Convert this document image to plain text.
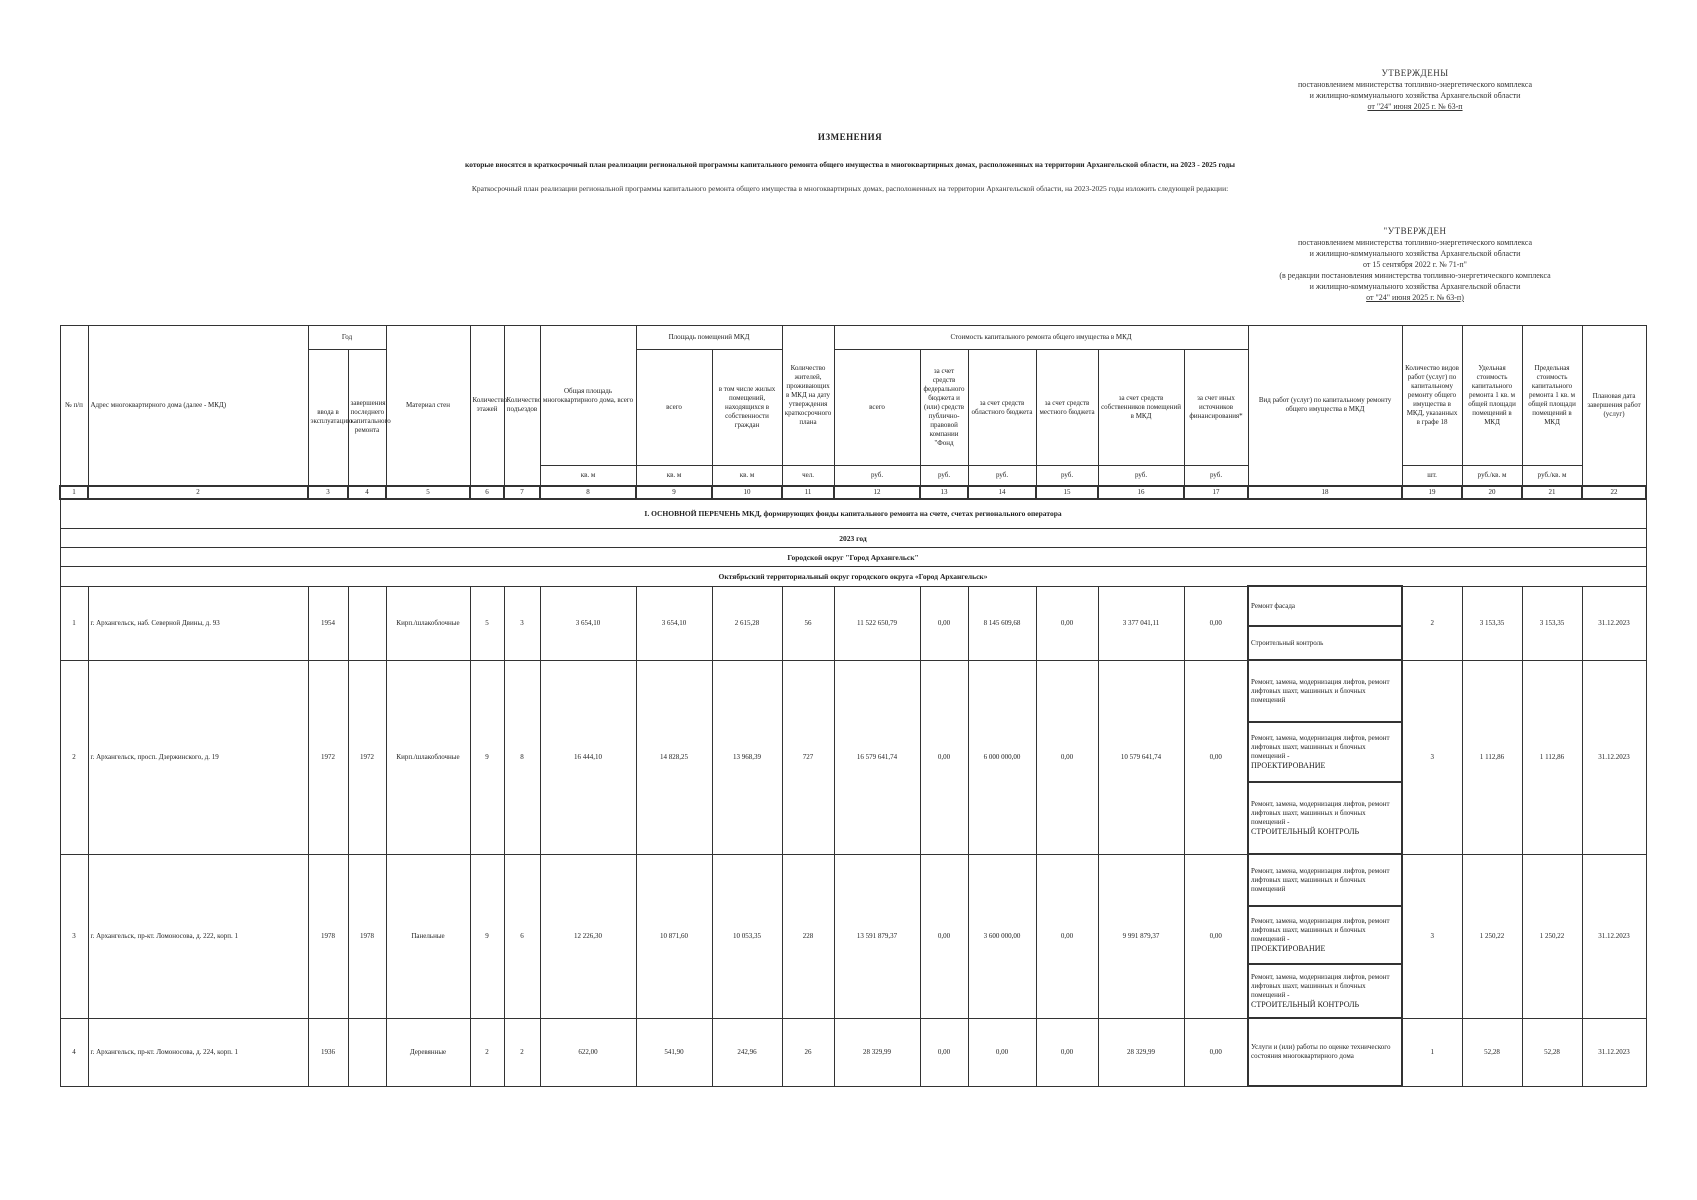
УТВЕРЖДЕНЫ
постановлением министерства топливно-энергетического комплекса
и жилищно-коммунального хозяйства Архангельской области
от "24" июня 2025 г. № 63-п
ИЗМЕНЕНИЯ
которые вносятся в краткосрочный план реализации региональной программы капитального ремонта общего имущества в многоквартирных домах, расположенных на территории Архангельской области, на 2023 - 2025 годы
Краткосрочный план реализации региональной программы капитального ремонта общего имущества в многоквартирных домах, расположенных на территории Архангельской области, на 2023-2025 годы изложить следующей редакции:
"УТВЕРЖДЕН
постановлением министерства топливно-энергетического комплекса
и жилищно-коммунального хозяйства Архангельской области
от 15 сентября 2022 г. № 71-п"
(в редакции постановления министерства топливно-энергетического комплекса
и жилищно-коммунального хозяйства Архангельской области
от "24" июня 2025 г. № 63-п)
№ п/п	Адрес многоквартирного дома (далее - МКД)	Год		Материал стен	Количество этажей	Количество подъездов	Общая площадь многоквартирного дома, всего	Площадь помещений МКД		Количество жителей, проживающих в МКД на дату утверждения краткосрочного плана	Стоимость капитального ремонта общего имущества в МКД						Вид работ (услуг) по капитальному ремонту общего имущества в МКД	Количество видов работ (услуг) по капитальному ремонту общего имущества в МКД, указанных в графе 18	Удельная стоимость капитального ремонта 1 кв. м общей площади помещений в МКД	Предельная стоимость капитального ремонта 1 кв. м общей площади помещений в МКД	Плановая дата завершения работ (услуг)
		ввода в эксплуатацию	завершения последнего капитального ремонта					всего	в том числе жилых помещений, находящихся в собственности граждан		всего	за счет средств федерального бюджета и (или) средств публично-правовой компании "Фонд	за счет средств областного бюджета	за счет средств местного бюджета	за счет средств собственников помещений в МКД	за счет иных источников финансирования*					
							кв. м	кв. м	кв. м	чел.	руб.	руб.	руб.	руб.	руб.	руб.		шт.	руб./кв. м	руб./кв. м	
1	2	3	4	5	6	7	8	9	10	11	12	13	14	15	16	17	18	19	20	21	22
I. ОСНОВНОЙ ПЕРЕЧЕНЬ МКД, формирующих фонды капитального ремонта на счете, счетах регионального оператора																					
2023 год																					
Городской округ "Город Архангельск"																					
Октябрьский территориальный округ городского округа «Город Архангельск»																					
1	г. Архангельск, наб. Северной Двины, д. 93	1954		Кирп./шлакоблочные	5	3	3 654,10	3 654,10	2 615,28	56	11 522 650,79	0,00	8 145 609,68	0,00	3 377 041,11	0,00	Ремонт фасада	2	3 153,35	3 153,35	31.12.2023
																	Строительный контроль				
2	г. Архангельск, просп. Дзержинского, д. 19	1972	1972	Кирп./шлакоблочные	9	8	16 444,10	14 828,25	13 968,39	727	16 579 641,74	0,00	6 000 000,00	0,00	10 579 641,74	0,00	Ремонт, замена, модернизация лифтов, ремонт лифтовых шахт, машинных и блочных помещений	3	1 112,86	1 112,86	31.12.2023
																	Ремонт, замена, модернизация лифтов, ремонт лифтовых шахт, машинных и блочных помещений -
ПРОЕКТИРОВАНИЕ				
																	Ремонт, замена, модернизация лифтов, ремонт лифтовых шахт, машинных и блочных помещений -
СТРОИТЕЛЬНЫЙ КОНТРОЛЬ				
3	г. Архангельск, пр-кт. Ломоносова, д. 222, корп. 1	1978	1978	Панельные	9	6	12 226,30	10 871,60	10 053,35	228	13 591 879,37	0,00	3 600 000,00	0,00	9 991 879,37	0,00	Ремонт, замена, модернизация лифтов, ремонт лифтовых шахт, машинных и блочных помещений	3	1 250,22	1 250,22	31.12.2023
																	Ремонт, замена, модернизация лифтов, ремонт лифтовых шахт, машинных и блочных помещений -
ПРОЕКТИРОВАНИЕ				
																	Ремонт, замена, модернизация лифтов, ремонт лифтовых шахт, машинных и блочных помещений -
СТРОИТЕЛЬНЫЙ КОНТРОЛЬ				
4	г. Архангельск, пр-кт. Ломоносова, д. 224, корп. 1	1936		Деревянные	2	2	622,00	541,90	242,96	26	28 329,99	0,00	0,00	0,00	28 329,99	0,00	Услуги и (или) работы по оценке технического состояния многоквартирного дома	1	52,28	52,28	31.12.2023
